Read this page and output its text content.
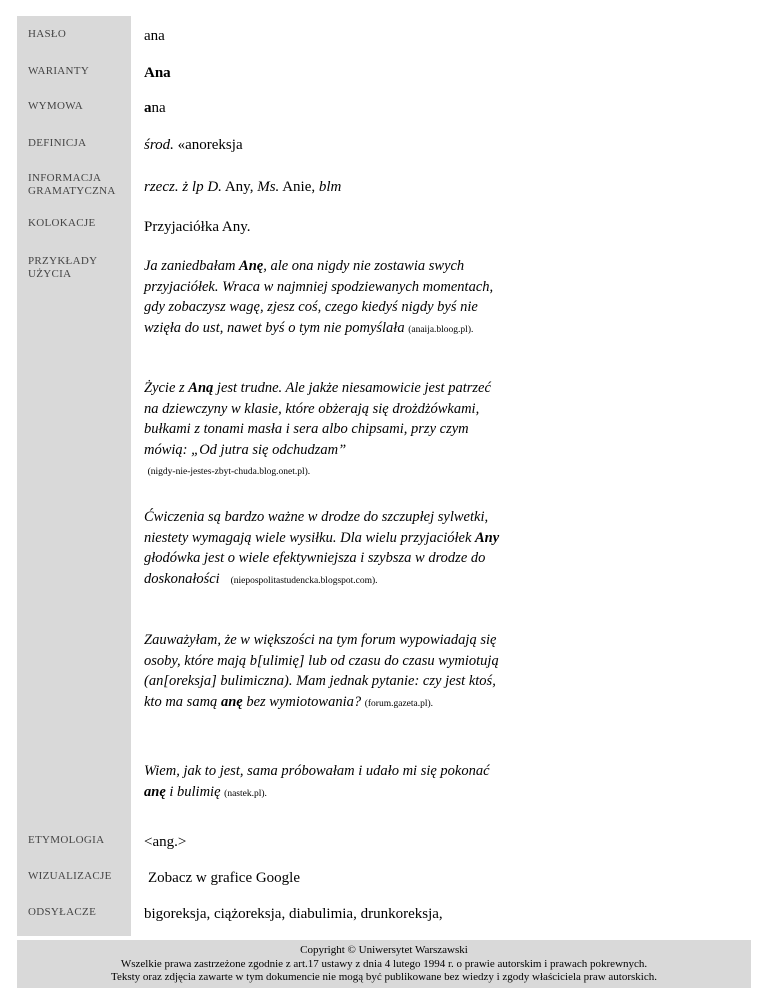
HASŁO
WARIANTY
WYMOWA
DEFINICJA
INFORMACJA
GRAMATYCZNA
KOLOKACJE
PRZYKŁADY
UŻYCIA
ETYMOLOGIA
WIZUALIZACJE
ODSYŁACZE
ana
Ana
ana
środ. «anoreksja
rzecz. ż lp D. Any, Ms. Anie, blm
Przyjaciółka Any.
Ja zaniedbałam Anę, ale ona nigdy nie zostawia swych przyjaciółek. Wraca w najmniej spodziewanych momentach, gdy zobaczysz wagę, zjesz coś, czego kiedyś nigdy byś nie wzięła do ust, nawet byś o tym nie pomyślała (anaija.bloog.pl).
Życie z Aną jest trudne. Ale jakże niesamowicie jest patrzeć na dziewczyny w klasie, które obżerają się drożdżówkami, bułkami z tonami masła i sera albo chipsami, przy czym mówią: „Od jutra się odchudzam”
(nigdy-nie-jestes-zbyt-chuda.blog.onet.pl).
Ćwiczenia są bardzo ważne w drodze do szczupłej sylwetki, niestety wymagają wiele wysiłku. Dla wielu przyjaciółek Any głodówka jest o wiele efektywniejsza i szybsza w drodze do doskonałości (niepospolitastudencka.blogspot.com).
Zauważyłam, że w większości na tym forum wypowiadają się osoby, które mają b[ulimię] lub od czasu do czasu wymiotują (an[oreksja] bulimiczna). Mam jednak pytanie: czy jest ktoś, kto ma samą anę bez wymiotowania? (forum.gazeta.pl).
Wiem, jak to jest, sama próbowałam i udało mi się pokonać anę i bulimię (nastek.pl).
<ang.>
Zobacz w grafice Google
bigoreksja, ciążoreksja, diabulimia, drunkoreksja,
Copyright © Uniwersytet Warszawski
Wszelkie prawa zastrzeżone zgodnie z art.17 ustawy z dnia 4 lutego 1994 r. o prawie autorskim i prawach pokrewnych.
Teksty oraz zdjęcia zawarte w tym dokumencie nie mogą być publikowane bez wiedzy i zgody właściciela praw autorskich.
